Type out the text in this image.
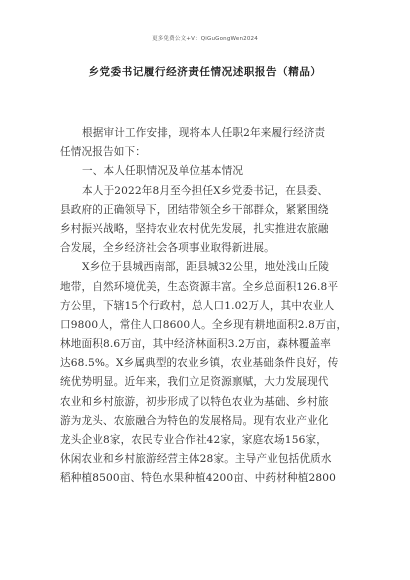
更多免费公文+V：QiGuGongWen2024
乡党委书记履行经济责任情况述职报告（精品）
根据审计工作安排，现将本人任职2年来履行经济责
任情况报告如下：
一、本人任职情况及单位基本情况
本人于2022年8月至今担任X乡党委书记，在县委、
县政府的正确领导下，团结带领全乡干部群众，紧紧围绕
乡村振兴战略，坚持农业农村优先发展，扎实推进农旅融
合发展，全乡经济社会各项事业取得新进展。
X乡位于县城西南部，距县城32公里，地处浅山丘陵
地带，自然环境优美，生态资源丰富。全乡总面积126.8平
方公里，下辖15个行政村，总人口1.02万人，其中农业人
口9800人，常住人口8600人。全乡现有耕地面积2.8万亩，
林地面积8.6万亩，其中经济林面积3.2万亩，森林覆盖率
达68.5%。X乡属典型的农业乡镇，农业基础条件良好，传
统优势明显。近年来，我们立足资源禀赋，大力发展现代
农业和乡村旅游，初步形成了以特色农业为基础、乡村旅
游为龙头、农旅融合为特色的发展格局。现有农业产业化
龙头企业8家，农民专业合作社42家，家庭农场156家，
休闲农业和乡村旅游经营主体28家。主导产业包括优质水
稻种植8500亩、特色水果种植4200亩、中药材种植2800
